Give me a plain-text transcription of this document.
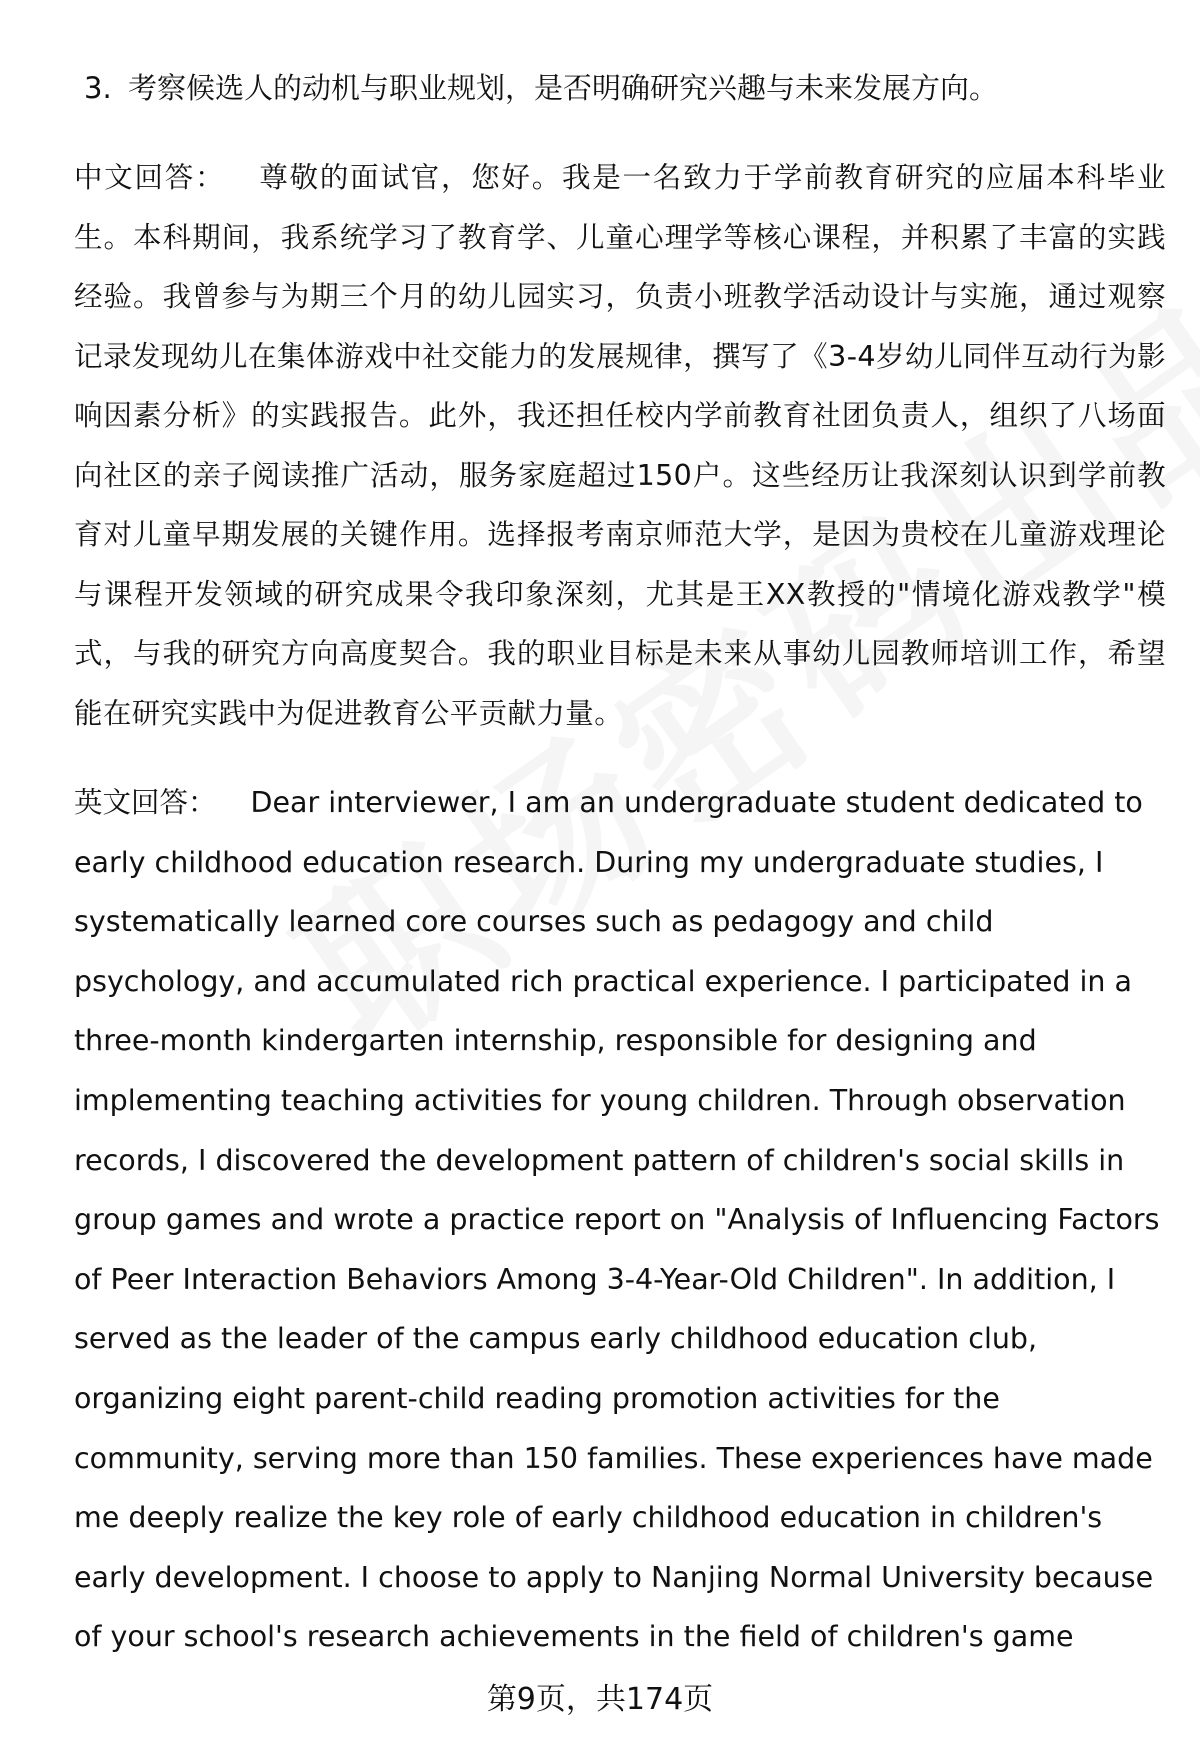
3. 考察候选人的动机与职业规划，是否明确研究兴趣与未来发展方向。

中文回答： 尊敬的面试官，您好。我是一名致力于学前教育研究的应届本科毕业生。本科期间，我系统学习了教育学、儿童心理学等核心课程，并积累了丰富的实践经验。我曾参与为期三个月的幼儿园实习，负责小班教学活动设计与实施，通过观察记录发现幼儿在集体游戏中社交能力的发展规律，撰写了《3-4岁幼儿同伴互动行为影响因素分析》的实践报告。此外，我还担任校内学前教育社团负责人，组织了八场面向社区的亲子阅读推广活动，服务家庭超过150户。这些经历让我深刻认识到学前教育对儿童早期发展的关键作用。选择报考南京师范大学，是因为贵校在儿童游戏理论与课程开发领域的研究成果令我印象深刻，尤其是王XX教授的"情境化游戏教学"模式，与我的研究方向高度契合。我的职业目标是未来从事幼儿园教师培训工作，希望能在研究实践中为促进教育公平贡献力量。

英文回答： Dear interviewer, I am an undergraduate student dedicated to early childhood education research. During my undergraduate studies, I systematically learned core courses such as pedagogy and child psychology, and accumulated rich practical experience. I participated in a three-month kindergarten internship, responsible for designing and implementing teaching activities for young children. Through observation records, I discovered the development pattern of children's social skills in group games and wrote a practice report on "Analysis of Influencing Factors of Peer Interaction Behaviors Among 3-4-Year-Old Children". In addition, I served as the leader of the campus early childhood education club, organizing eight parent-child reading promotion activities for the community, serving more than 150 families. These experiences have made me deeply realize the key role of early childhood education in children's early development. I choose to apply to Nanjing Normal University because of your school's research achievements in the field of children's game

第9页，共174页
